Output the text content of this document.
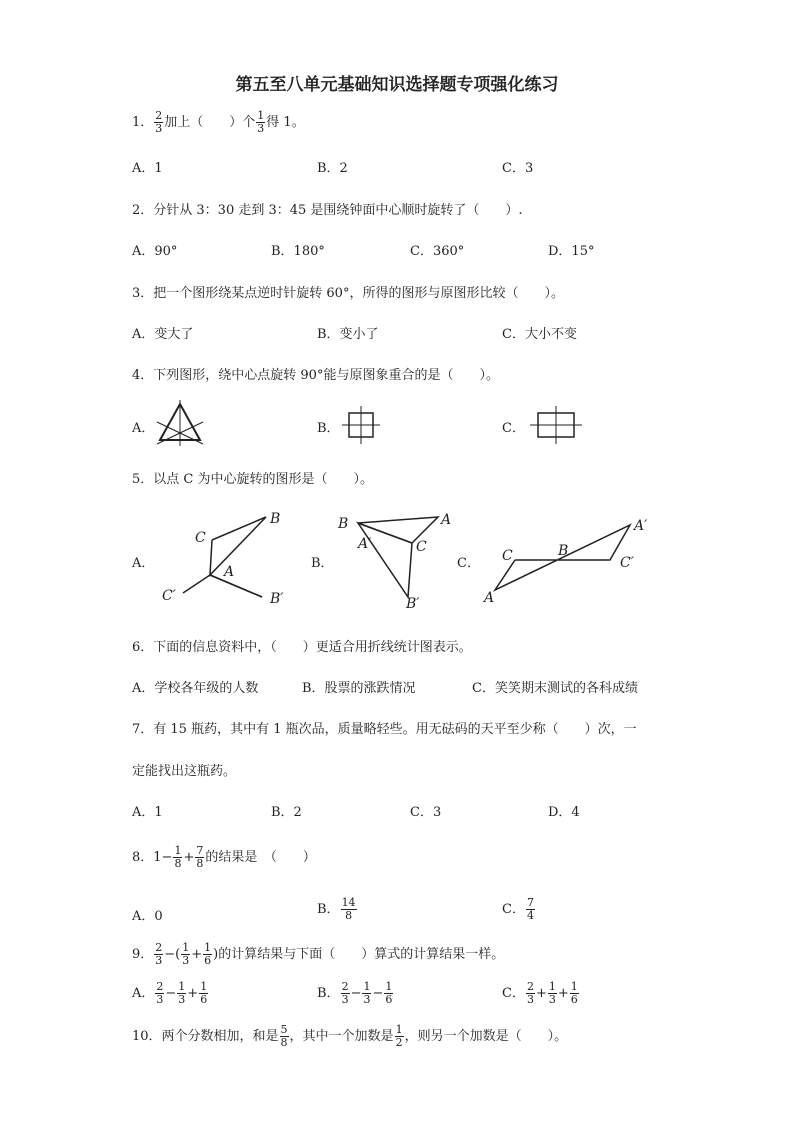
第五至八单元基础知识选择题专项强化练习
1． $\frac{2}{3}$ 加上（　　）个 $\frac{1}{3}$ 得 1。
A．1	B．2	C．3
2．分针从 3：30 走到 3：45 是围绕钟面中心顺时旋转了（　　）.
A．90°	B．180°	C．360°	D．15°
3．把一个图形绕某点逆时针旋转 60°，所得的图形与原图形比较（　　）。
A．变大了	B．变小了	C．大小不变
4．下列图形，绕中心点旋转 90°能与原图象重合的是（　　）。
A．	B．	C．
5．以点 C 为中心旋转的图形是（　　）。
A．	B．	C．
C
B
A
C′	B′
B	A
A′	C
B′
C	B
A′
C′
A
6．下面的信息资料中，（　　）更适合用折线统计图表示。
A．学校各年级的人数	B．股票的涨跌情况	C．笑笑期末测试的各科成绩
7．有 15 瓶药，其中有 1 瓶次品，质量略轻些。用无砝码的天平至少称（　　）次，一
定能找出这瓶药。
A．1	B．2	C．3	D．4
8．$1- \frac{1}{8} + \frac{7}{8}$ 的结果是　（　　）
A．0	B． $\frac{14}{8}$	C． $\frac{7}{4}$
9． $\frac{2}{3}$ −( $\frac{1}{3} + \frac{1}{6}$ )的计算结果与下面（　　）算式的计算结果一样。
A． $\frac{2}{3} - \frac{1}{3} + \frac{1}{6}$	B． $\frac{2}{3} - \frac{1}{3} - \frac{1}{6}$	C． $\frac{2}{3} + \frac{1}{3} + \frac{1}{6}$
10．两个分数相加，和是 $\frac{5}{8}$ ，其中一个加数是 $\frac{1}{2}$ ，则另一个加数是（　　）。
